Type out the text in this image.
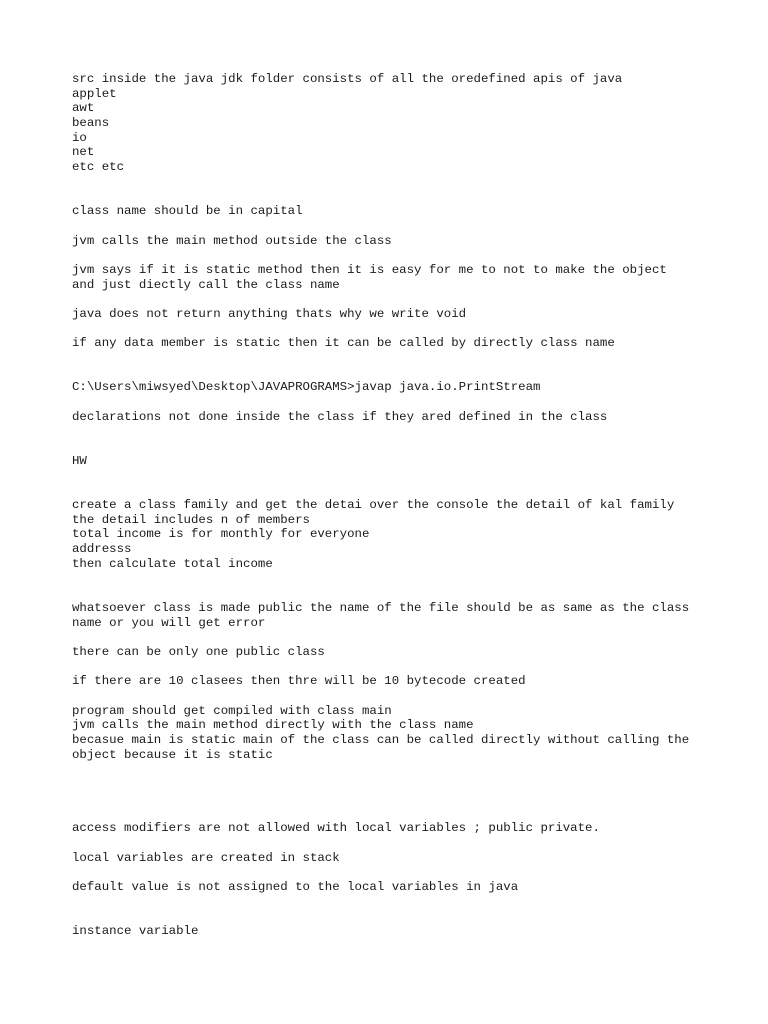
src inside the java jdk folder consists of all the oredefined apis of java
applet
awt
beans
io
net
etc etc
class name should be in capital
jvm calls the main method outside the class
jvm says if it is static method then it is easy for me to not to make the object
and just diectly call the class name
java does not return anything thats why we write void
if any data member is static then it can be called by directly class name
C:\Users\miwsyed\Desktop\JAVAPROGRAMS>javap java.io.PrintStream
declarations not done inside the class if they ared defined in the class
HW
create a class family and get the detai over the console the detail of kal family
the detail includes n of members
total income is for monthly for everyone
addresss
then calculate total income
whatsoever class is made public the name of the file should be as same as the class
name or you will get error
there can be only one public class
if there are 10 clasees then thre will be 10 bytecode created
program should get compiled with class main
jvm calls the main method directly with the class name
becasue main is static main of the class can be called directly without calling the
object because it is static
access modifiers are not allowed with local variables ; public private.
local variables are created in stack
default value is not assigned to the local variables in java
instance variable
